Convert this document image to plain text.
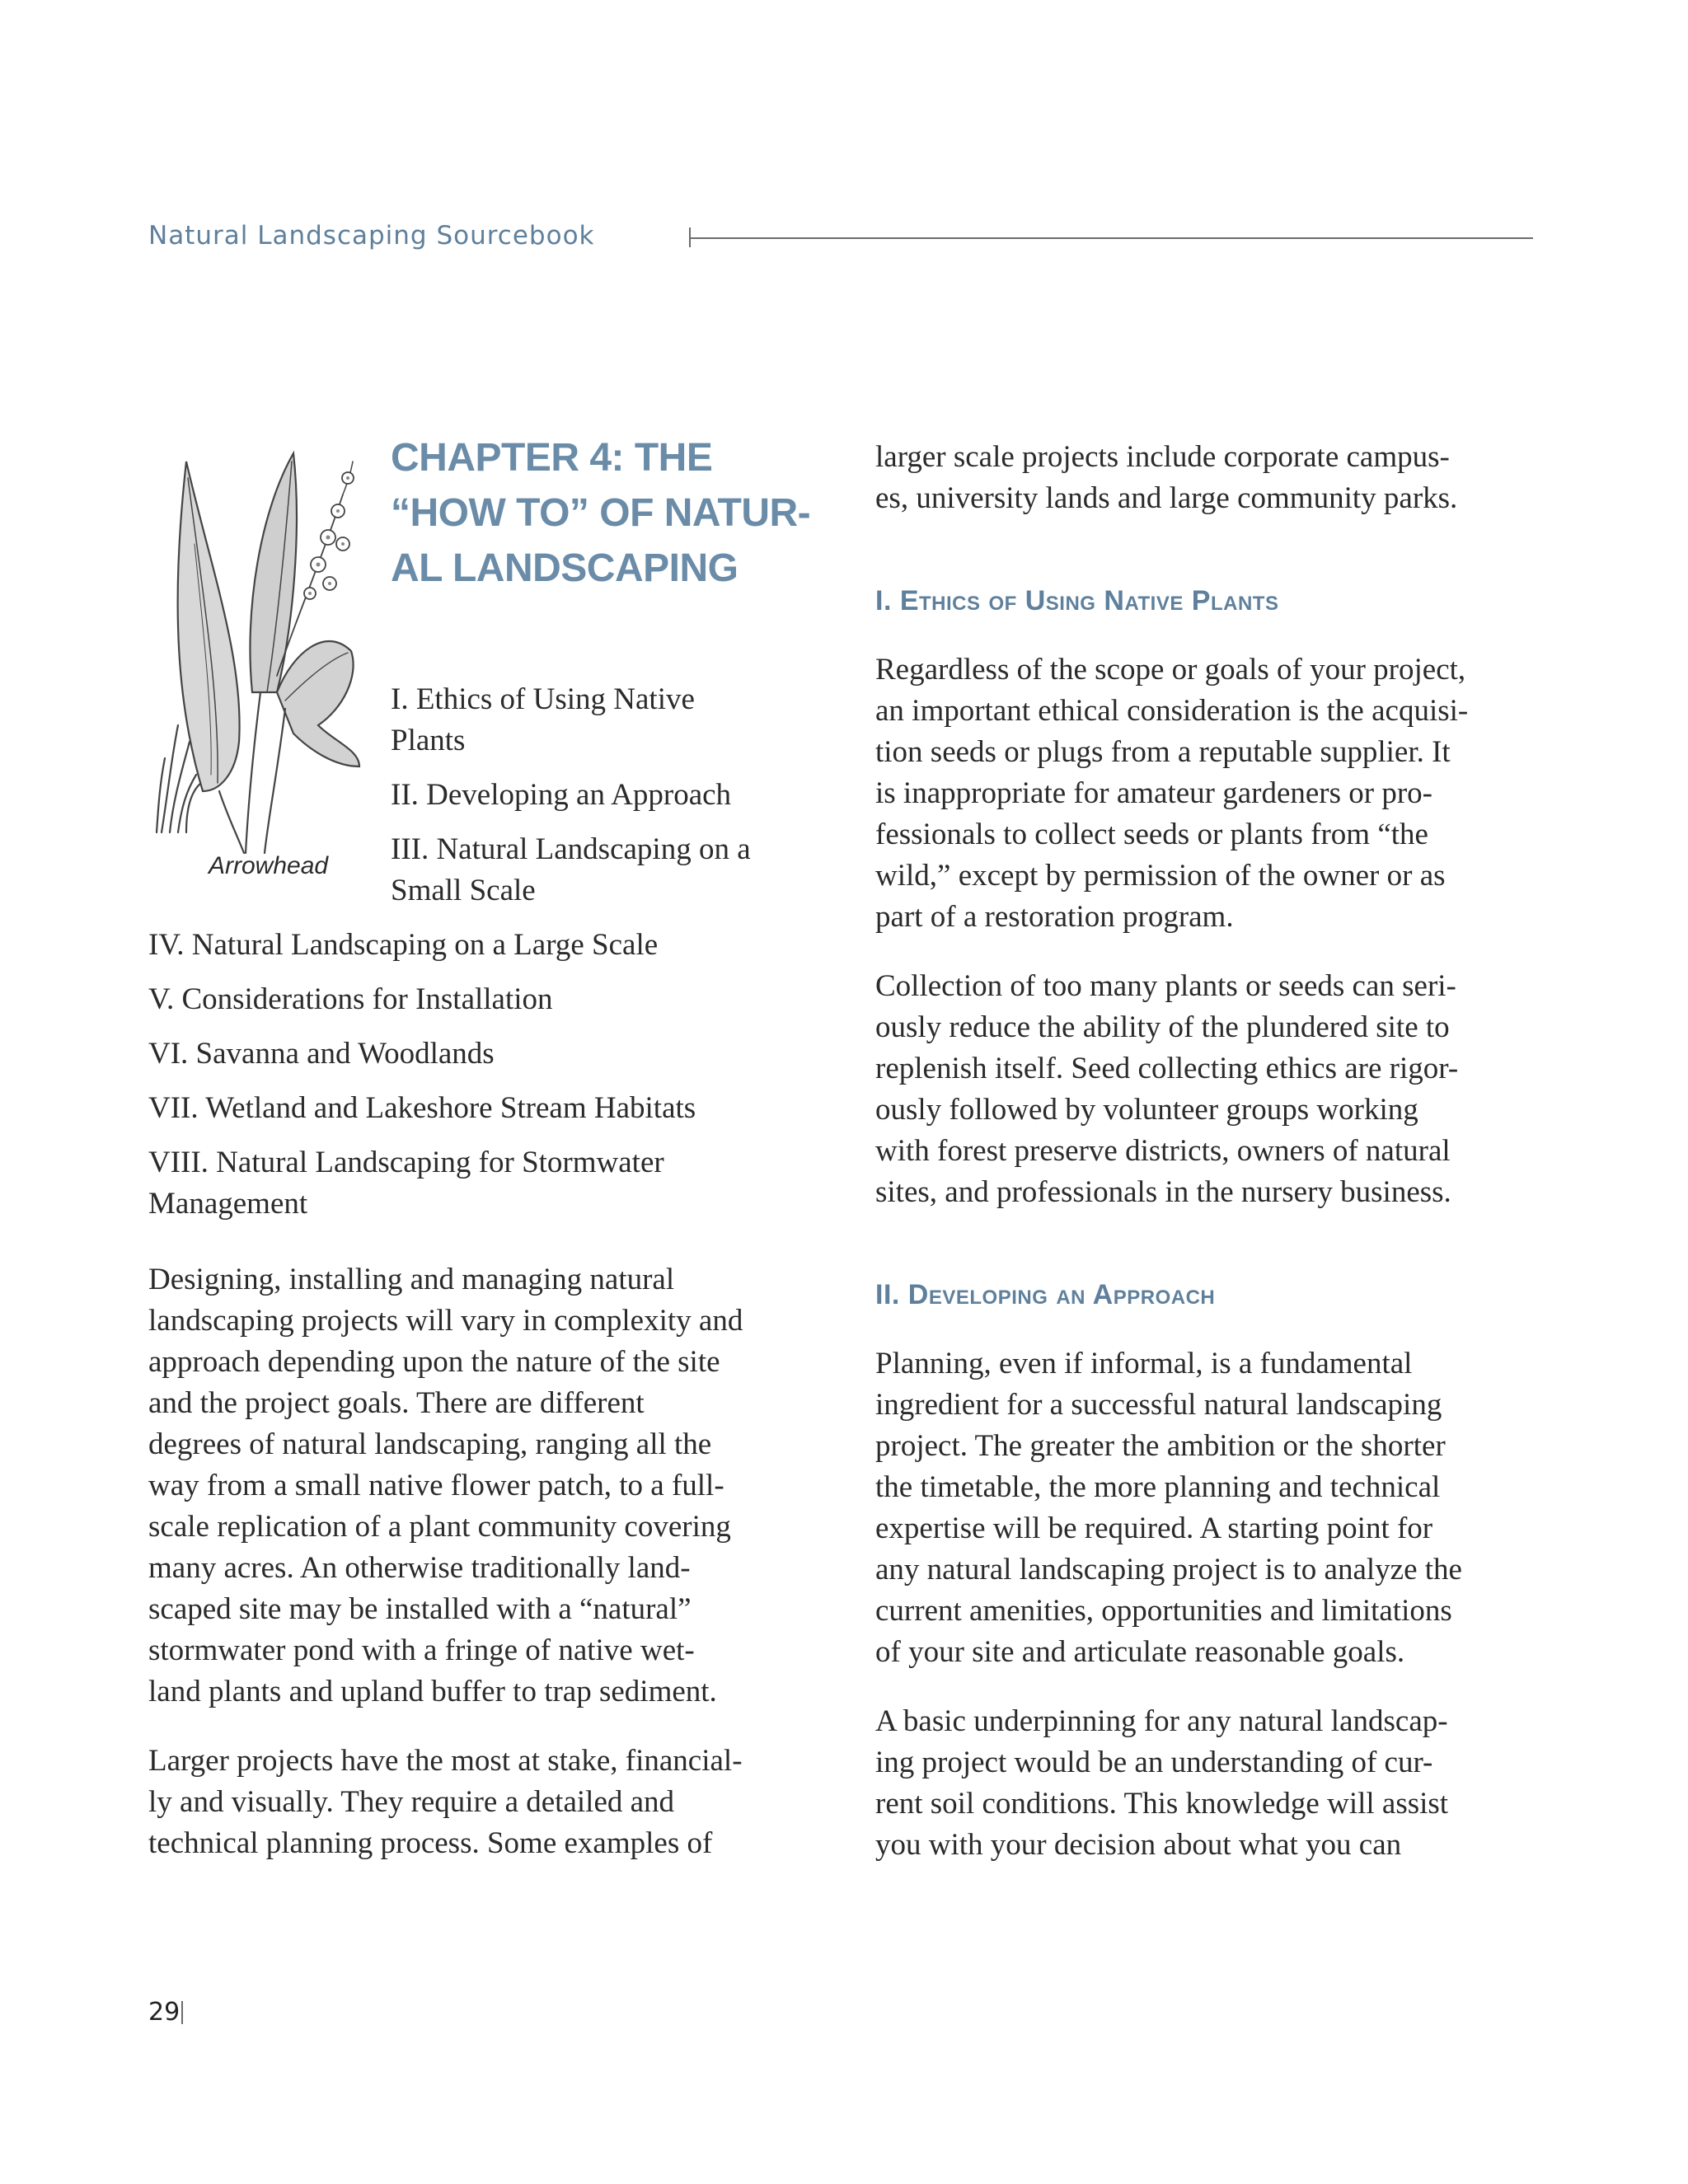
Natural Landscaping Sourcebook
Arrowhead
CHAPTER 4: THE
“HOW TO” OF NATUR-
AL LANDSCAPING
I. Ethics of Using Native
Plants
II. Developing an Approach
III. Natural Landscaping on a
Small Scale
IV. Natural Landscaping on a Large Scale
V. Considerations for Installation
VI. Savanna and Woodlands
VII. Wetland and Lakeshore Stream Habitats
VIII. Natural Landscaping for Stormwater
Management

Designing, installing and managing natural
landscaping projects will vary in complexity and
approach depending upon the nature of the site
and the project goals. There are different
degrees of natural landscaping, ranging all the
way from a small native flower patch, to a full-
scale replication of a plant community covering
many acres. An otherwise traditionally land-
scaped site may be installed with a “natural”
stormwater pond with a fringe of native wet-
land plants and upland buffer to trap sediment.

Larger projects have the most at stake, financial-
ly and visually. They require a detailed and
technical planning process. Some examples of

larger scale projects include corporate campus-
es, university lands and large community parks.

I. Ethics of Using Native Plants

Regardless of the scope or goals of your project,
an important ethical consideration is the acquisi-
tion seeds or plugs from a reputable supplier. It
is inappropriate for amateur gardeners or pro-
fessionals to collect seeds or plants from “the
wild,” except by permission of the owner or as
part of a restoration program.

Collection of too many plants or seeds can seri-
ously reduce the ability of the plundered site to
replenish itself. Seed collecting ethics are rigor-
ously followed by volunteer groups working
with forest preserve districts, owners of natural
sites, and professionals in the nursery business.

II. Developing an Approach

Planning, even if informal, is a fundamental
ingredient for a successful natural landscaping
project. The greater the ambition or the shorter
the timetable, the more planning and technical
expertise will be required. A starting point for
any natural landscaping project is to analyze the
current amenities, opportunities and limitations
of your site and articulate reasonable goals.

A basic underpinning for any natural landscap-
ing project would be an understanding of cur-
rent soil conditions. This knowledge will assist
you with your decision about what you can

29
